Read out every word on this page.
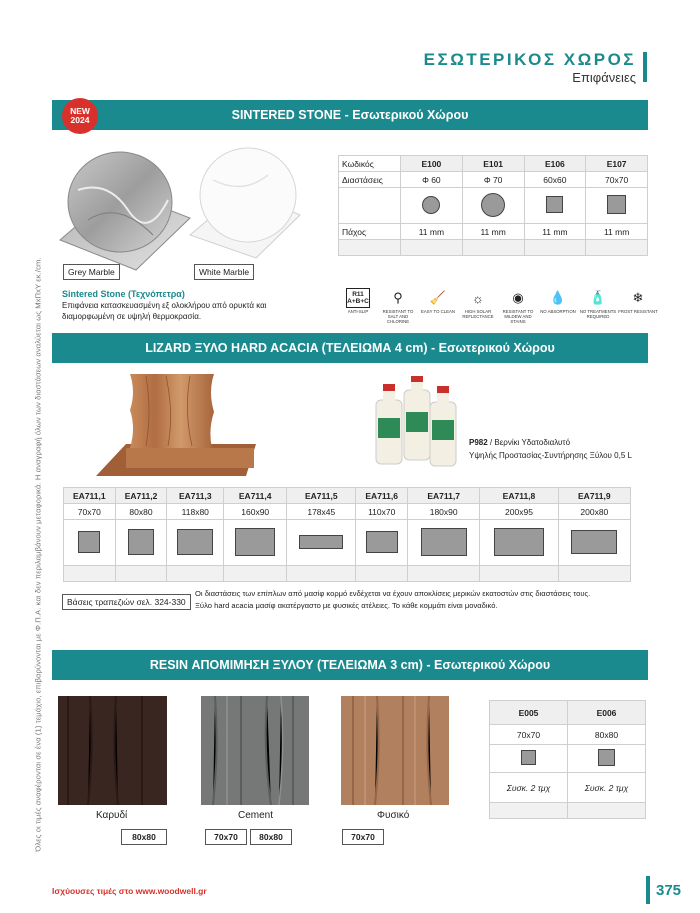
Όλες οι τιμές αναφέρονται σε ένα (1) τεμάχιο, επιβαρύνονται με Φ.Π.Α. και δεν περιλαμβάνουν μεταφορικά. Η αναγραφή όλων των διαστάσεων αναλύεται ως ΜxΠxΥ εκ./cm.
ΕΣΩΤΕΡΙΚΟΣ ΧΩΡΟΣ
Επιφάνειες
SINTERED STONE - Εσωτερικού Χώρου
NEW
2024
Grey Marble	White Marble
Sintered Stone (Τεχνόπετρα)
Επιφάνεια κατασκευασμένη εξ ολοκλήρου από ορυκτά και
διαμορφωμένη σε υψηλή θερμοκρασία.
Κωδικός	E100	E101	E106	E107
Διαστάσεις	Φ 60	Φ 70	60x60	70x70

Πάχος	11 mm	11 mm	11 mm	11 mm

R11
A+B+C
ANTI-SLIP
⚲
RESISTANT TO SALT AND CHLORINE
🧹
EASY TO CLEAN
☼
HIGH SOLAR REFLECTANCE
◉
RESISTANT TO MILDEW AND STAINS
💧
NO ABSORPTION
🧴
NO TREATMENTS REQUIRED
❄
FROST RESISTANT
LIZARD ΞΥΛΟ HARD ACACIA (ΤΕΛΕΙΩΜΑ 4 cm) - Εσωτερικού Χώρου
P982 / Βερνίκι Υδατοδιαλυτό
Υψηλής Προστασίας-Συντήρησης Ξύλου 0,5 L
EA711,1	EA711,2	EA711,3	EA711,4	EA711,5	EA711,6	EA711,7	EA711,8	EA711,9
70x70	80x80	118x80	160x90	178x45	110x70	180x90	200x95	200x80

Βάσεις τραπεζιών σελ. 324-330
Οι διαστάσεις των επίπλων από μασίφ κορμό ενδέχεται να έχουν αποκλίσεις μερικών εκατοστών στις διαστάσεις τους.
Ξύλο hard acacia μασίφ ακατέργαστο με φυσικές ατέλειες. Το κάθε κομμάτι είναι μοναδικό.
RESIN ΑΠΟΜΙΜΗΣΗ ΞΥΛΟΥ (ΤΕΛΕΙΩΜΑ 3 cm) - Εσωτερικού Χώρου
Καρυδί	Cement	Φυσικό
80x80	70x70	80x80	70x70
E005	E006
70x70	80x80

Συσκ. 2 τμχ	Συσκ. 2 τμχ

Ισχύουσες τιμές στο www.woodwell.gr	375
